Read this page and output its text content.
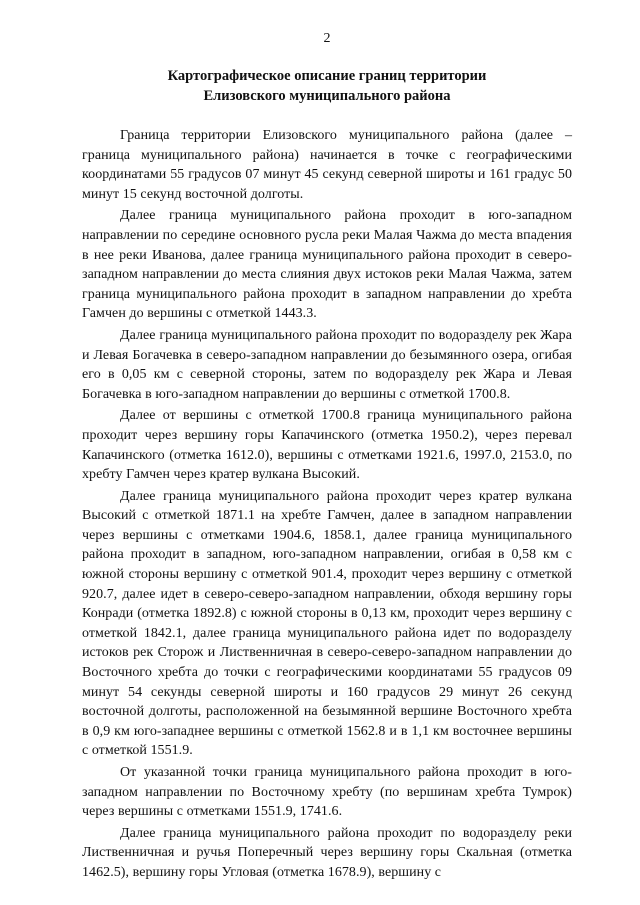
2
Картографическое описание границ территории
Елизовского муниципального района

Граница территории Елизовского муниципального района (далее – граница муниципального района) начинается в точке с географическими координатами 55 градусов 07 минут 45 секунд северной широты и 161 градус 50 минут 15 секунд восточной долготы.

Далее граница муниципального района проходит в юго-западном направлении по середине основного русла реки Малая Чажма до места впадения в нее реки Иванова, далее граница муниципального района проходит в северо-западном направлении до места слияния двух истоков реки Малая Чажма, затем граница муниципального района проходит в западном направлении до хребта Гамчен до вершины с отметкой 1443.3.

Далее граница муниципального района проходит по водоразделу рек Жара и Левая Богачевка в северо-западном направлении до безымянного озера, огибая его в 0,05 км с северной стороны, затем по водоразделу рек Жара и Левая Богачевка в юго-западном направлении до вершины с отметкой 1700.8.

Далее от вершины с отметкой 1700.8 граница муниципального района проходит через вершину горы Капачинского (отметка 1950.2), через перевал Капачинского (отметка 1612.0), вершины с отметками 1921.6, 1997.0, 2153.0, по хребту Гамчен через кратер вулкана Высокий.

Далее граница муниципального района проходит через кратер вулкана Высокий с отметкой 1871.1 на хребте Гамчен, далее в западном направлении через вершины с отметками 1904.6, 1858.1, далее граница муниципального района проходит в западном, юго-западном направлении, огибая в 0,58 км с южной стороны вершину с отметкой 901.4, проходит через вершину с отметкой 920.7, далее идет в северо-северо-западном направлении, обходя вершину горы Конради (отметка 1892.8) с южной стороны в 0,13 км, проходит через вершину с отметкой 1842.1, далее граница муниципального района идет по водоразделу истоков рек Сторож и Лиственничная в северо-северо-западном направлении до Восточного хребта до точки с географическими координатами 55 градусов 09 минут 54 секунды северной широты и 160 градусов 29 минут 26 секунд восточной долготы, расположенной на безымянной вершине Восточного хребта в 0,9 км юго-западнее вершины с отметкой 1562.8 и в 1,1 км восточнее вершины с отметкой 1551.9.

От указанной точки граница муниципального района проходит в юго-западном направлении по Восточному хребту (по вершинам хребта Тумрок) через вершины с отметками 1551.9, 1741.6.

Далее граница муниципального района проходит по водоразделу реки Лиственничная и ручья Поперечный через вершину горы Скальная (отметка 1462.5), вершину горы Угловая (отметка 1678.9), вершину с
